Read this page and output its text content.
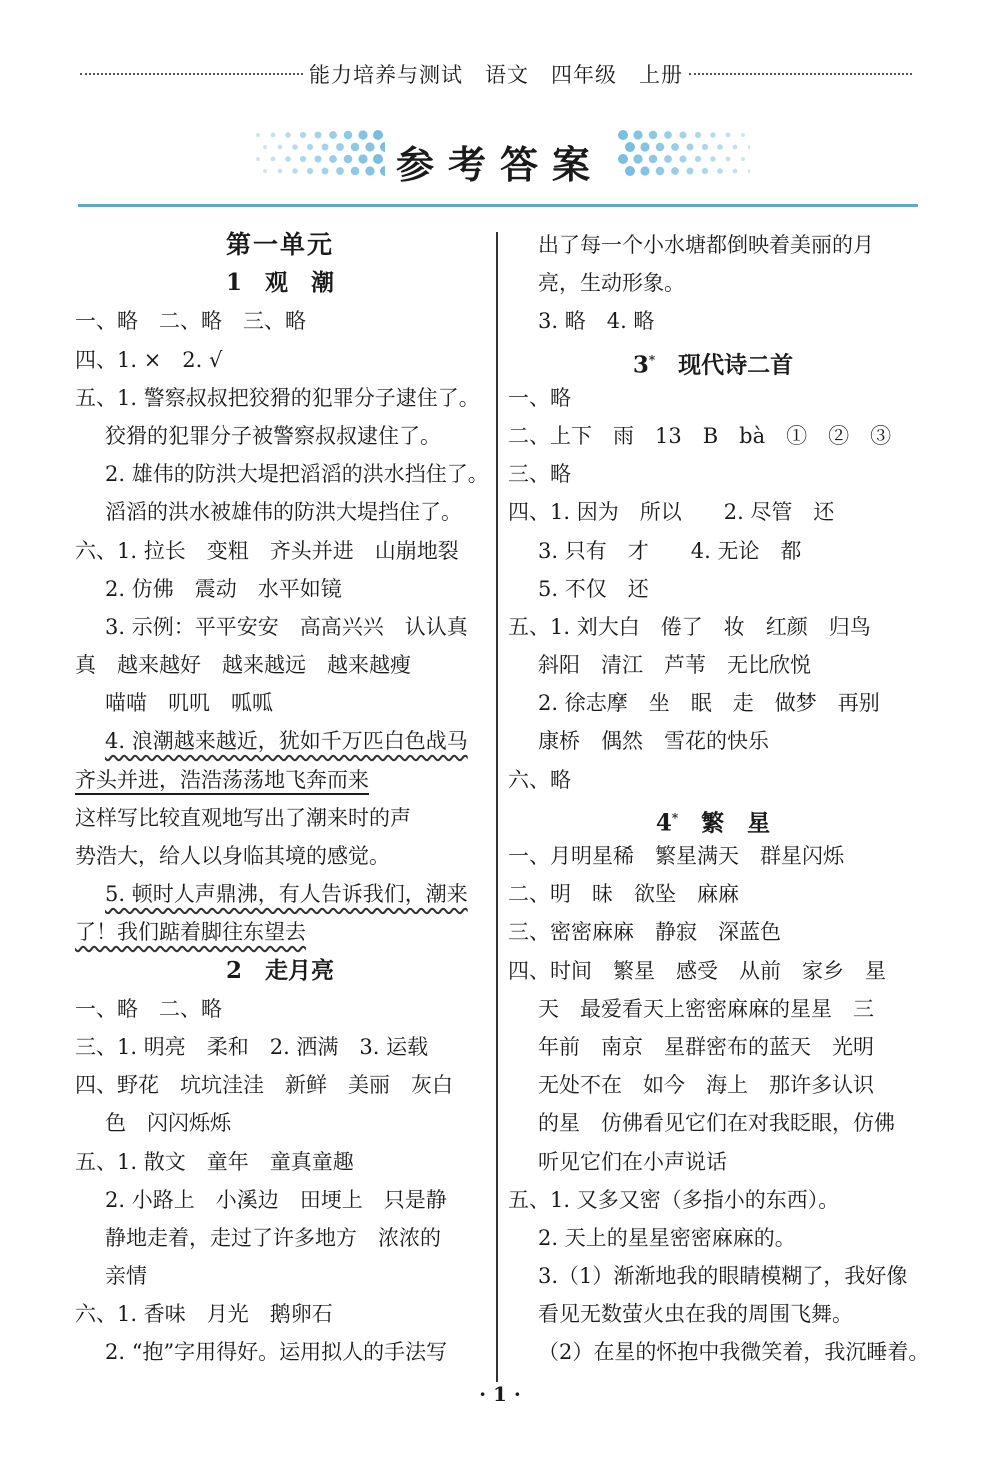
能力培养与测试　语文　四年级　上册
参考答案
第一单元
1　观　潮
一、略　二、略　三、略
四、1. ×　2. √
五、1. 警察叔叔把狡猾的犯罪分子逮住了。
狡猾的犯罪分子被警察叔叔逮住了。
2. 雄伟的防洪大堤把滔滔的洪水挡住了。
滔滔的洪水被雄伟的防洪大堤挡住了。
六、1. 拉长　变粗　齐头并进　山崩地裂
2. 仿佛　震动　水平如镜
3. 示例：平平安安　高高兴兴　认认真
真　越来越好　越来越远　越来越瘦
喵喵　叽叽　呱呱
4. 浪潮越来越近，犹如千万匹白色战马
齐头并进，浩浩荡荡地飞奔而来
这样写比较直观地写出了潮来时的声
势浩大，给人以身临其境的感觉。
5. 顿时人声鼎沸，有人告诉我们，潮来
了！我们踮着脚往东望去
2　走月亮
一、略　二、略
三、1. 明亮　柔和　2. 洒满　3. 运载
四、野花　坑坑洼洼　新鲜　美丽　灰白
色　闪闪烁烁
五、1. 散文　童年　童真童趣
2. 小路上　小溪边　田埂上　只是静
静地走着，走过了许多地方　浓浓的
亲情
六、1. 香味　月光　鹅卵石
2. “抱”字用得好。运用拟人的手法写
出了每一个小水塘都倒映着美丽的月
亮，生动形象。
3. 略　4. 略
3*　现代诗二首
一、略
二、上下　雨　13　B　bà　①　②　③
三、略
四、1. 因为　所以　　2. 尽管　还
3. 只有　才　　4. 无论　都
5. 不仅　还
五、1. 刘大白　倦了　妆　红颜　归鸟
斜阳　清江　芦苇　无比欣悦
2. 徐志摩　坐　眠　走　做梦　再别
康桥　偶然　雪花的快乐
六、略
4*　繁　星
一、月明星稀　繁星满天　群星闪烁
二、明　昧　欲坠　麻麻
三、密密麻麻　静寂　深蓝色
四、时间　繁星　感受　从前　家乡　星
天　最爱看天上密密麻麻的星星　三
年前　南京　星群密布的蓝天　光明
无处不在　如今　海上　那许多认识
的星　仿佛看见它们在对我眨眼，仿佛
听见它们在小声说话
五、1. 又多又密（多指小的东西）。
2. 天上的星星密密麻麻的。
3.（1）渐渐地我的眼睛模糊了，我好像
看见无数萤火虫在我的周围飞舞。
（2）在星的怀抱中我微笑着，我沉睡着。
· 1 ·
